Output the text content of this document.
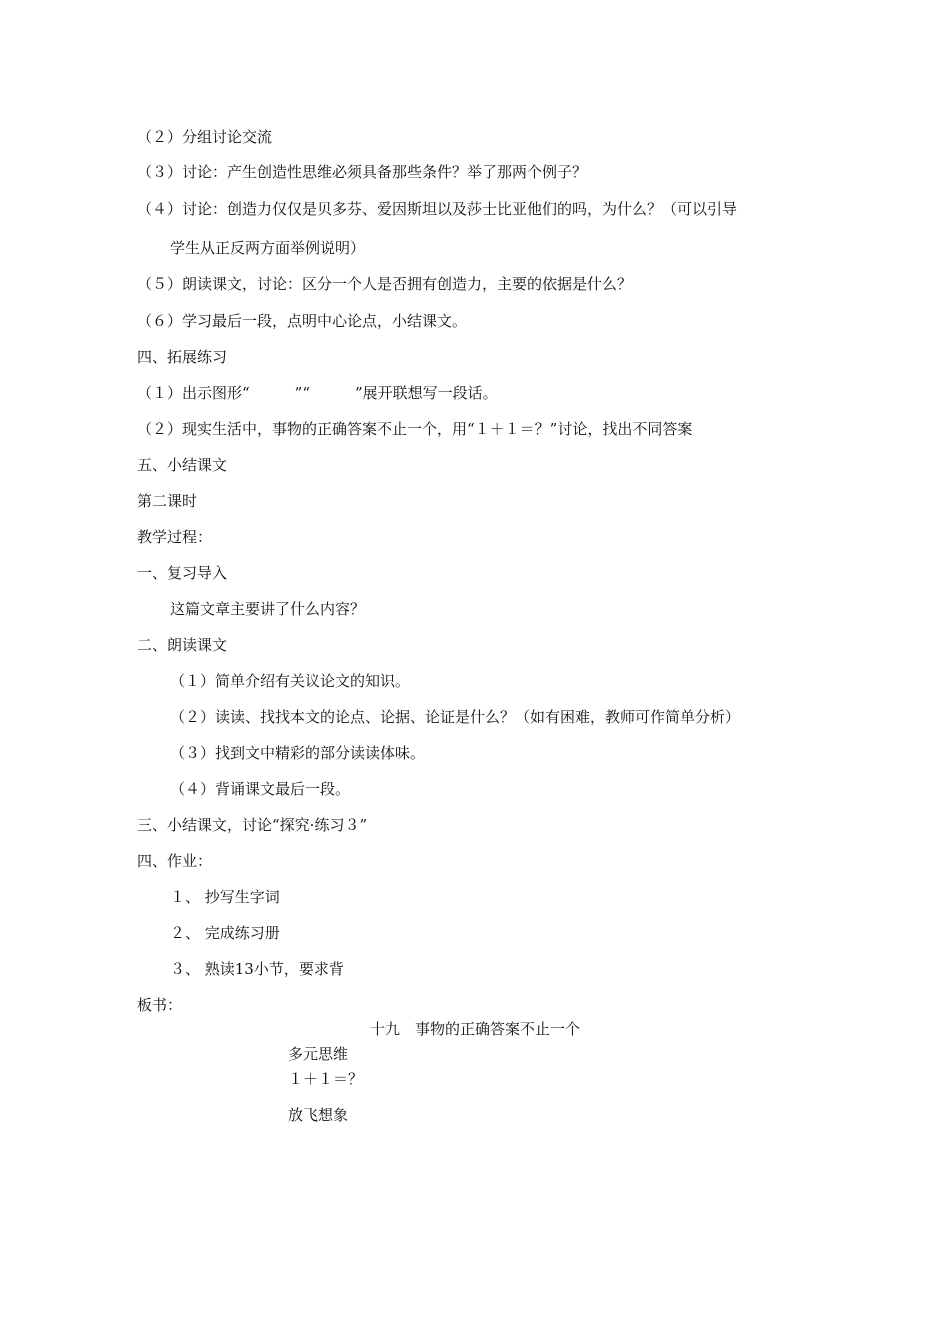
（２）分组讨论交流
（３）讨论：产生创造性思维必须具备那些条件？举了那两个例子？
（４）讨论：创造力仅仅是贝多芬、爱因斯坦以及莎士比亚他们的吗，为什么？（可以引导
学生从正反两方面举例说明）
（５）朗读课文，讨论：区分一个人是否拥有创造力，主要的依据是什么？
（６）学习最后一段，点明中心论点，小结课文。
四、拓展练习
（１）出示图形“　　　”“　　　”展开联想写一段话。
（２）现实生活中，事物的正确答案不止一个，用“１＋１＝？”讨论，找出不同答案
五、小结课文
第二课时
教学过程：
一、复习导入
这篇文章主要讲了什么内容？
二、朗读课文
（１）简单介绍有关议论文的知识。
（２）读读、找找本文的论点、论据、论证是什么？（如有困难，教师可作简单分析）
（３）找到文中精彩的部分读读体味。
（４）背诵课文最后一段。
三、小结课文，讨论“探究·练习３”
四、作业：
１、 抄写生字词
２、 完成练习册
３、 熟读13小节，要求背
板书：
十九　事物的正确答案不止一个
多元思维
１＋１＝？
放飞想象
